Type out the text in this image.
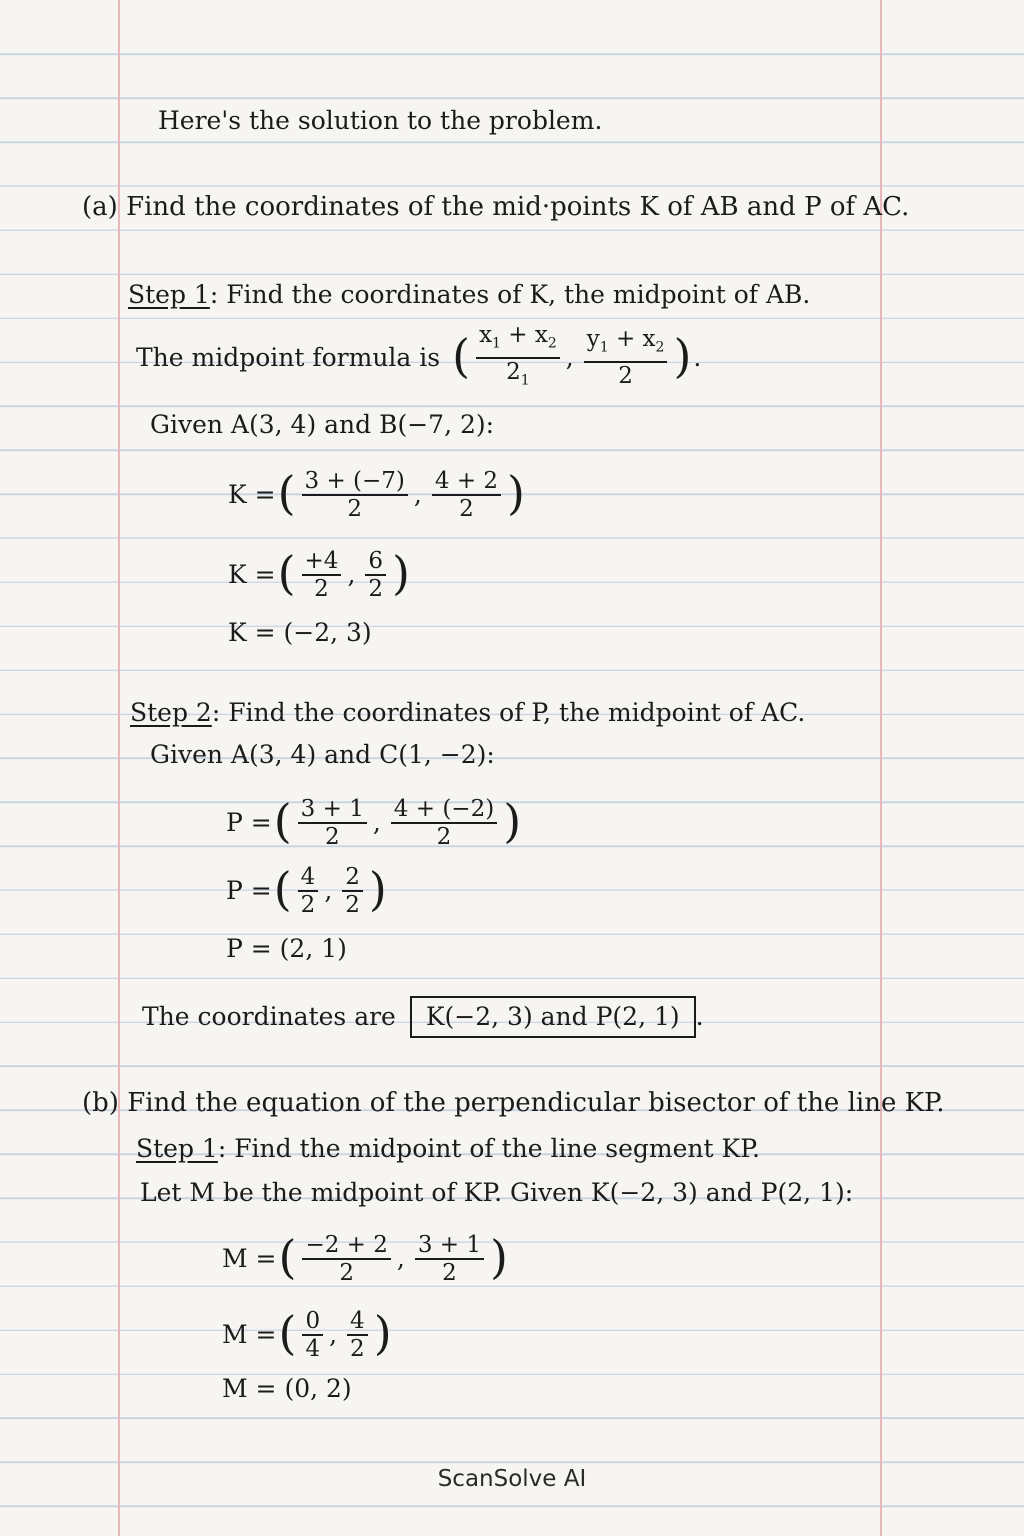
Here's the solution to the problem.
(a) Find the coordinates of the mid·points K of AB and P of AC.
Step 1: Find the coordinates of K, the midpoint of AB.
The midpoint formula is ( $\frac{x_1 + x_2}{2_1}$ , $\frac{y_1 + x_2}{2}$ ) .
Given A(3, 4) and B(−7, 2):
K = ( $\frac{3 + (-7)}{2}$ , $\frac{4 + 2}{2}$ )
K = ( $\frac{+4}{2}$ , $\frac{6}{2}$ )
K = (−2, 3)
Step 2: Find the coordinates of P, the midpoint of AC.
Given A(3, 4) and C(1, −2):
P = ( $\frac{3 + 1}{2}$ , $\frac{4 + (-2)}{2}$ )
P = ( $\frac{4}{2}$ , $\frac{2}{2}$ )
P = (2, 1)
The coordinates are	K(−2, 3) and P(2, 1) .
(b) Find the equation of the perpendicular bisector of the line KP.
Step 1: Find the midpoint of the line segment KP.
Let M be the midpoint of KP. Given K(−2, 3) and P(2, 1):
M = ( $\frac{-2 + 2}{2}$ , $\frac{3 + 1}{2}$ )
M = ( $\frac{0}{4}$ , $\frac{4}{2}$ )
M = (0, 2)
ScanSolve AI
